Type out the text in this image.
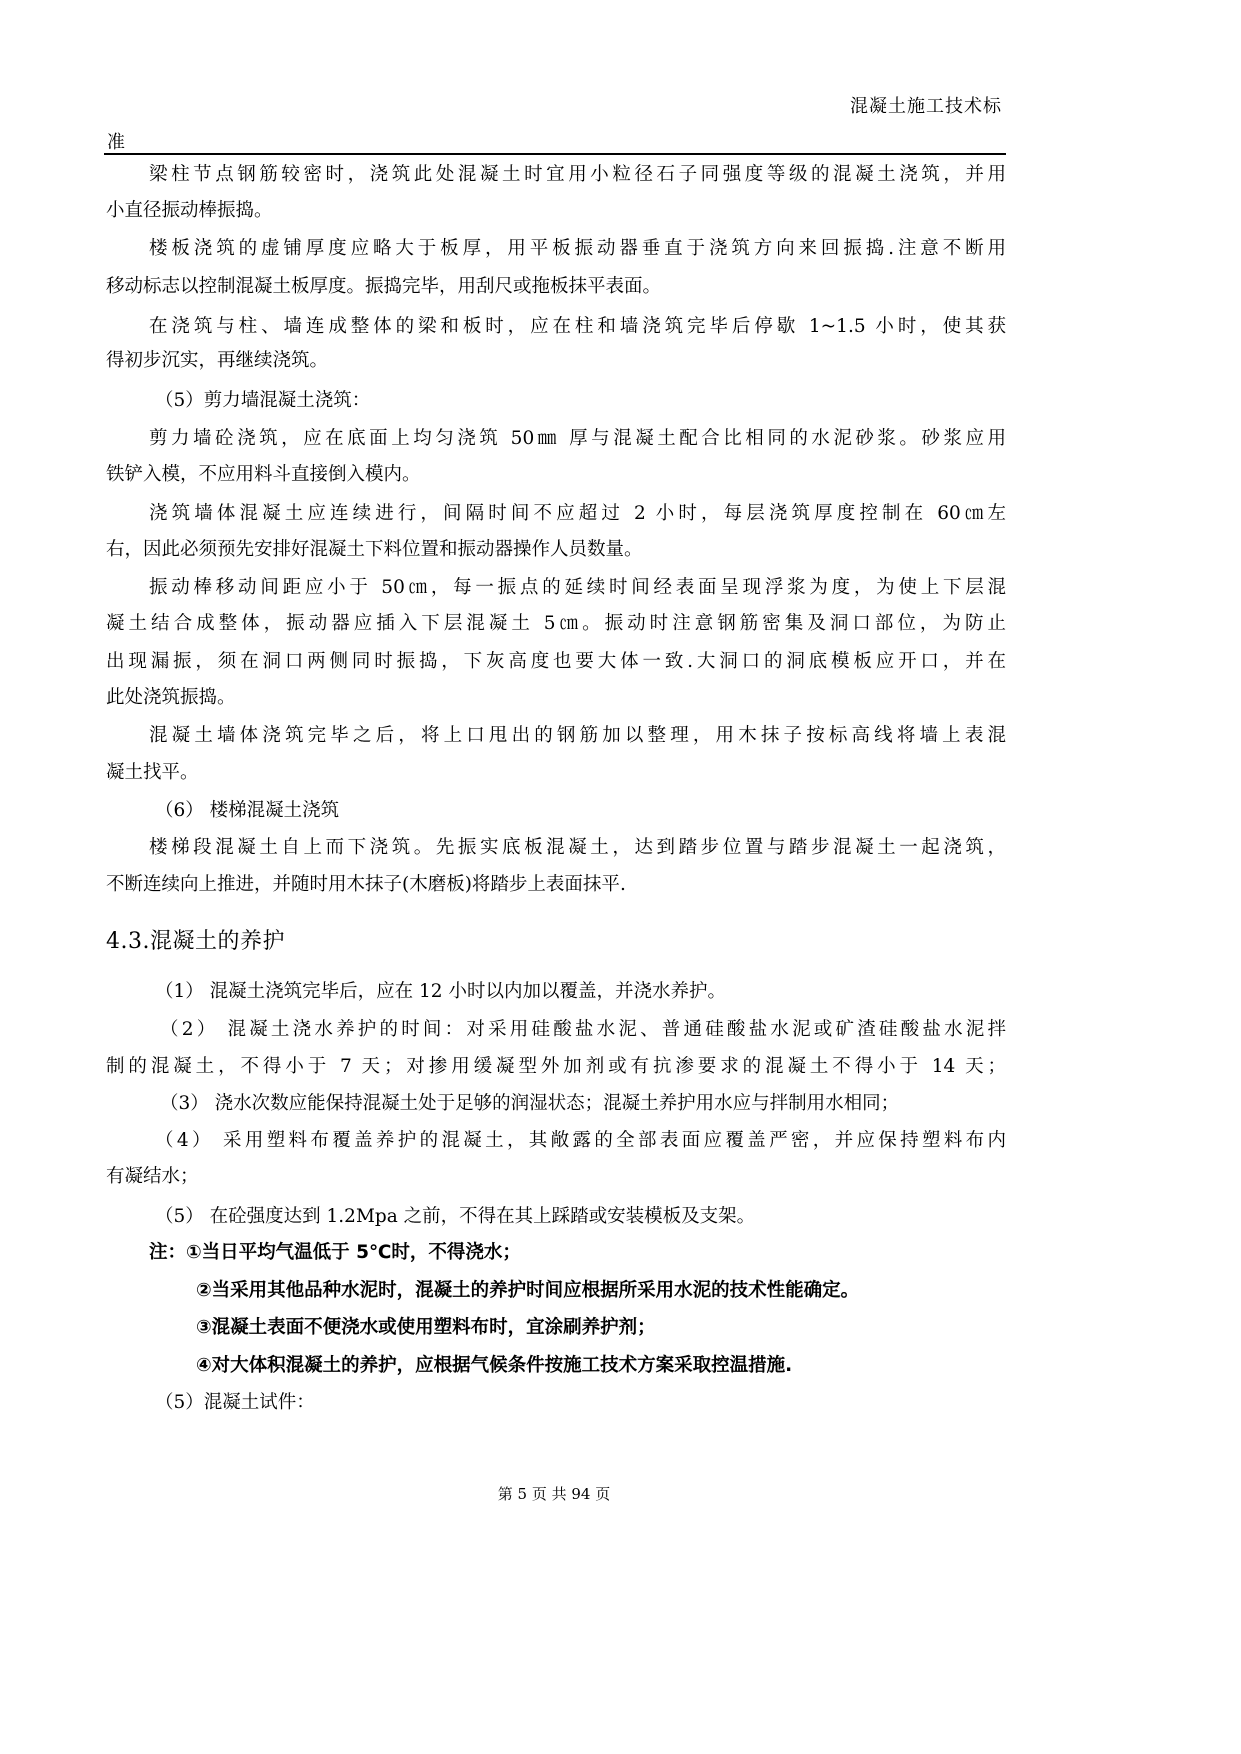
混凝土施工技术标
准
梁柱节点钢筋较密时，浇筑此处混凝土时宜用小粒径石子同强度等级的混凝土浇筑，并用
小直径振动棒振捣。
楼板浇筑的虚铺厚度应略大于板厚，用平板振动器垂直于浇筑方向来回振捣.注意不断用
移动标志以控制混凝土板厚度。振捣完毕，用刮尺或拖板抹平表面。
在浇筑与柱、墙连成整体的梁和板时，应在柱和墙浇筑完毕后停歇 1~1.5 小时，使其获
得初步沉实，再继续浇筑。
（5）剪力墙混凝土浇筑：
剪力墙砼浇筑，应在底面上均匀浇筑 50㎜ 厚与混凝土配合比相同的水泥砂浆。砂浆应用
铁铲入模，不应用料斗直接倒入模内。
浇筑墙体混凝土应连续进行，间隔时间不应超过 2 小时，每层浇筑厚度控制在 60㎝左
右，因此必须预先安排好混凝土下料位置和振动器操作人员数量。
振动棒移动间距应小于 50㎝，每一振点的延续时间经表面呈现浮浆为度，为使上下层混
凝土结合成整体，振动器应插入下层混凝土 5㎝。振动时注意钢筋密集及洞口部位，为防止
出现漏振，须在洞口两侧同时振捣，下灰高度也要大体一致.大洞口的洞底模板应开口，并在
此处浇筑振捣。
混凝土墙体浇筑完毕之后，将上口甩出的钢筋加以整理，用木抹子按标高线将墙上表混
凝土找平。
（6） 楼梯混凝土浇筑
楼梯段混凝土自上而下浇筑。先振实底板混凝土，达到踏步位置与踏步混凝土一起浇筑，
不断连续向上推进，并随时用木抹子(木磨板)将踏步上表面抹平.
4.3.混凝土的养护
（1） 混凝土浇筑完毕后，应在 12 小时以内加以覆盖，并浇水养护。
（2） 混凝土浇水养护的时间：对采用硅酸盐水泥、普通硅酸盐水泥或矿渣硅酸盐水泥拌
制的混凝土，不得小于 7 天；对掺用缓凝型外加剂或有抗渗要求的混凝土不得小于 14 天；
（3） 浇水次数应能保持混凝土处于足够的润湿状态；混凝土养护用水应与拌制用水相同；
（4） 采用塑料布覆盖养护的混凝土，其敞露的全部表面应覆盖严密，并应保持塑料布内
有凝结水；
（5） 在砼强度达到 1.2Mpa 之前，不得在其上踩踏或安装模板及支架。
注：①当日平均气温低于 5℃时，不得浇水；
②当采用其他品种水泥时，混凝土的养护时间应根据所采用水泥的技术性能确定。
③混凝土表面不便浇水或使用塑料布时，宜涂刷养护剂；
④对大体积混凝土的养护，应根据气候条件按施工技术方案采取控温措施.
（5）混凝土试件：
第 5 页 共 94 页
